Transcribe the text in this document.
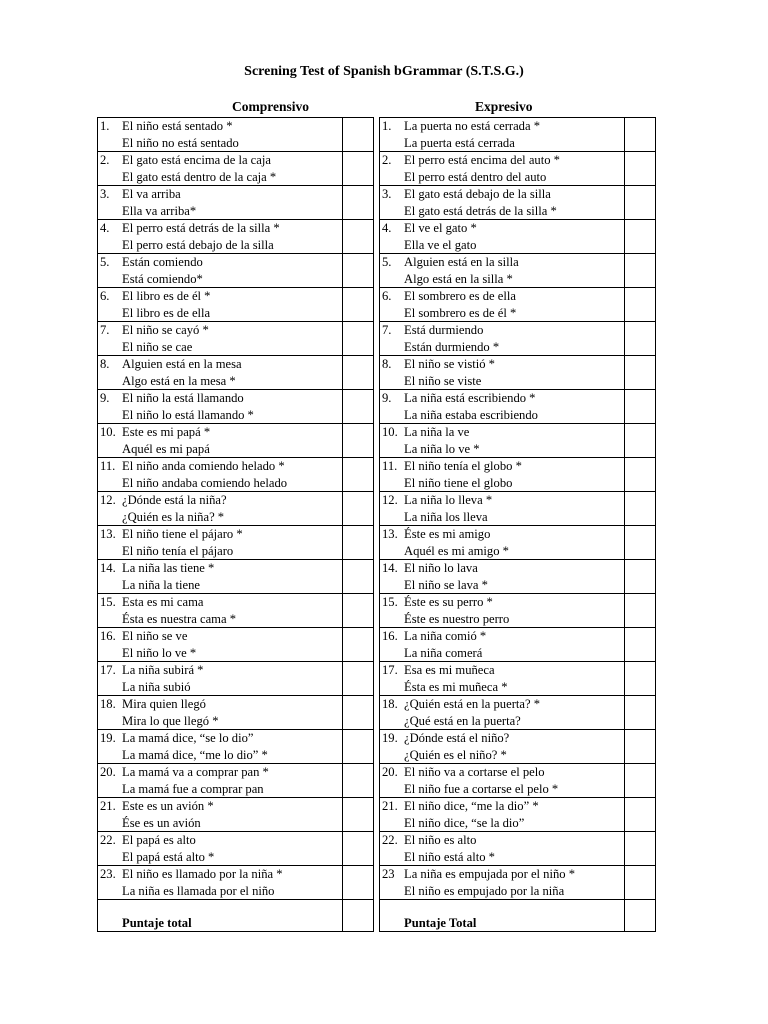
Screning Test of Spanish bGrammar (S.T.S.G.)
Comprensivo	Expresivo
1. El niño está sentado *
El niño no está sentado	

2. El gato está encima de la caja
El gato está dentro de la caja *	

3. El va arriba
Ella va arriba*	

4. El perro está detrás de la silla *
El perro está debajo de la silla	

5. Están comiendo
Está comiendo*	

6. El libro es de él *
El libro es de ella	

7. El niño se cayó *
El niño se cae	

8. Alguien está en la mesa
Algo está en la mesa *	

9. El niño la está llamando
El niño lo está llamando *	

10. Este es mi papá *
Aquél es mi papá	

11. El niño anda comiendo helado *
El niño andaba comiendo helado	

12. ¿Dónde está la niña?
¿Quién es la niña? *	

13. El niño tiene el pájaro *
El niño tenía el pájaro	

14. La niña las tiene *
La niña la tiene	

15. Esta es mi cama
Ésta es nuestra cama *	

16. El niño se ve
El niño lo ve *	

17. La niña subirá *
La niña subió	

18. Mira quien llegó
Mira lo que llegó *	

19. La mamá dice, “se lo dio”
La mamá dice, “me lo dio” *	

20. La mamá va a comprar pan *
La mamá fue a comprar pan	

21. Este es un avión *
Ése es un avión	

22. El papá es alto
El papá está alto *	

23. El niño es llamado por la niña *
La niña es llamada por el niño	

Puntaje total	

1. La puerta no está cerrada *
La puerta está cerrada	

2. El perro está encima del auto *
El perro está dentro del auto	

3. El gato está debajo de la silla
El gato está detrás de la silla *	

4. El ve el gato *
Ella ve el gato	

5. Alguien está en la silla
Algo está en la silla *	

6. El sombrero es de ella
El sombrero es de él *	

7. Está durmiendo
Están durmiendo *	

8. El niño se vistió *
El niño se viste	

9. La niña está escribiendo *
La niña estaba escribiendo	

10. La niña la ve
La niña lo ve *	

11. El niño tenía el globo *
El niño tiene el globo	

12. La niña lo lleva *
La niña los lleva	

13. Éste es mi amigo
Aquél es mi amigo *	

14. El niño lo lava
El niño se lava *	

15. Éste es su perro *
Éste es nuestro perro	

16. La niña comió *
La niña comerá	

17. Esa es mi muñeca
Ésta es mi muñeca *	

18. ¿Quién está en la puerta? *
¿Qué está en la puerta?	

19. ¿Dónde está el niño?
¿Quién es el niño? *	

20. El niño va a cortarse el pelo
El niño fue a cortarse el pelo *	

21. El niño dice, “me la dio” *
El niño dice, “se la dio”	

22. El niño es alto
El niño está alto *	

23 La niña es empujada por el niño *
El niño es empujado por la niña	

Puntaje Total	
